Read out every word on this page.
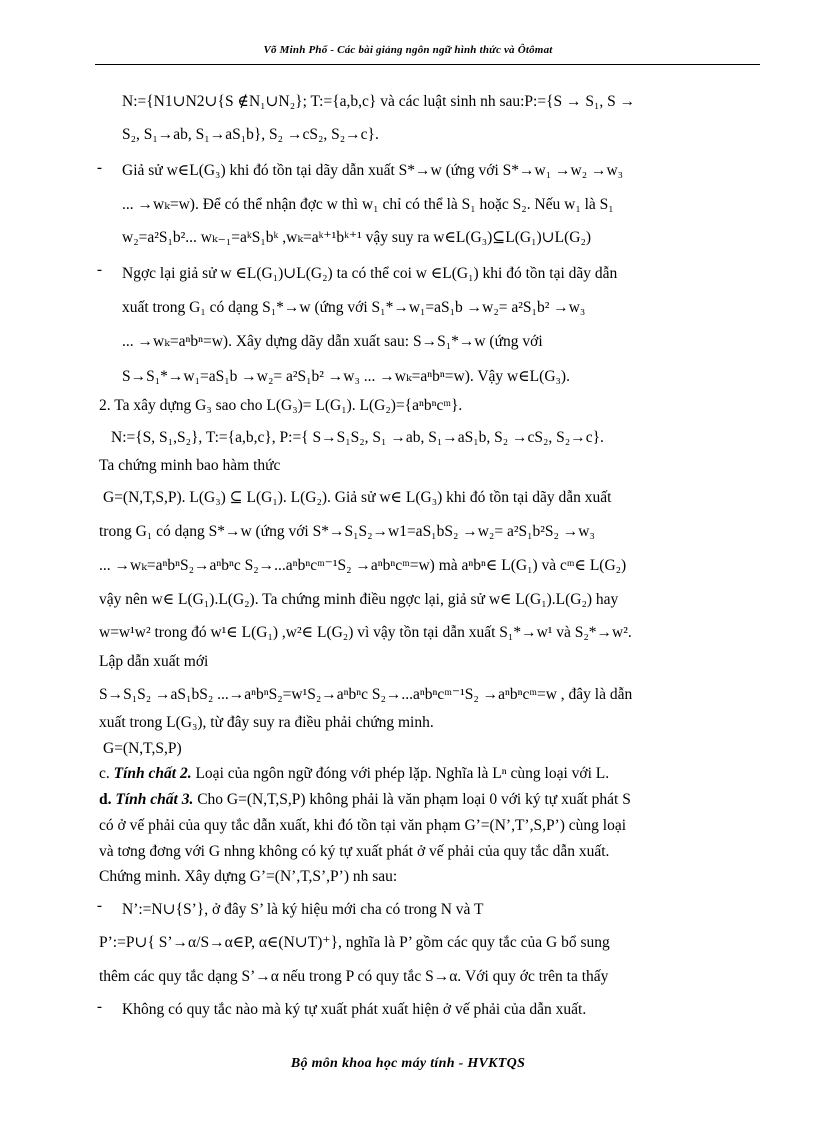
Võ Minh Phổ - Các bài giảng ngôn ngữ hình thức và Ôtômat
N:={N1∪N2∪{S ∉N₁∪N₂}; T:={a,b,c} và các luật sinh nh sau:P:={S → S₁, S →
S₂, S₁→ab, S₁→aS₁b}, S₂ →cS₂, S₂→c}.
- Giả sử w∈L(G₃) khi đó tồn tại dãy dẫn xuất S*→w (ứng với S*→w₁ →w₂ →w₃
... →wₖ=w). Để có thể nhận đợc w thì w₁ chỉ có thể là S₁ hoặc S₂. Nếu w₁ là S₁
w₂=a²S₁b²... wₖ₋₁=aᵏS₁bᵏ ,wₖ=aᵏ⁺¹bᵏ⁺¹ vậy suy ra w∈L(G₃)⊆L(G₁)∪L(G₂)
- Ngợc lại giả sử w ∈L(G₁)∪L(G₂) ta có thể coi w ∈L(G₁) khi đó tồn tại dãy dẫn
xuất trong G₁ có dạng S₁*→w (ứng với S₁*→w₁=aS₁b →w₂= a²S₁b² →w₃
... →wₖ=aⁿbⁿ=w). Xây dựng dãy dẫn xuất sau: S→S₁*→w (ứng với
S→S₁*→w₁=aS₁b →w₂= a²S₁b² →w₃ ... →wₖ=aⁿbⁿ=w). Vậy w∈L(G₃).
2. Ta xây dựng G₃ sao cho L(G₃)= L(G₁). L(G₂)={aⁿbⁿcᵐ}.
N:={S, S₁,S₂}, T:={a,b,c}, P:={ S→S₁S₂, S₁ →ab, S₁→aS₁b, S₂ →cS₂, S₂→c}.
Ta chứng minh bao hàm thức
G=(N,T,S,P). L(G₃) ⊆ L(G₁). L(G₂). Giả sử w∈ L(G₃) khi đó tồn tại dãy dẫn xuất
trong G₁ có dạng S*→w (ứng với S*→S₁S₂→w1=aS₁bS₂ →w₂= a²S₁b²S₂ →w₃
... →wₖ=aⁿbⁿS₂→aⁿbⁿc S₂→...aⁿbⁿcᵐ⁻¹S₂ →aⁿbⁿcᵐ=w) mà aⁿbⁿ∈ L(G₁) và cᵐ∈ L(G₂)
vậy nên w∈ L(G₁).L(G₂). Ta chứng minh điều ngợc lại, giả sử w∈ L(G₁).L(G₂) hay
w=w¹w² trong đó w¹∈ L(G₁) ,w²∈ L(G₂) vì vậy tồn tại dẫn xuất S₁*→w¹ và S₂*→w².
Lập dẫn xuất mới
S→S₁S₂ →aS₁bS₂ ...→aⁿbⁿS₂=w¹S₂→aⁿbⁿc S₂→...aⁿbⁿcᵐ⁻¹S₂ →aⁿbⁿcᵐ=w , đây là dẫn
xuất trong L(G₃), từ đây suy ra điều phải chứng minh.
G=(N,T,S,P)
c. Tính chất 2. Loại của ngôn ngữ đóng với phép lặp. Nghĩa là Lⁿ cùng loại với L.
d. Tính chất 3. Cho G=(N,T,S,P) không phải là văn phạm loại 0 với ký tự xuất phát S
có ở vế phải của quy tắc dẫn xuất, khi đó tồn tại văn phạm G’=(N’,T’,S,P’) cùng loại
và tơng đơng với G nhng không có ký tự xuất phát ở vế phải của quy tắc dẫn xuất.
Chứng minh. Xây dựng G’=(N’,T,S’,P’) nh sau:
- N’:=N∪{S’}, ở đây S’ là ký hiệu mới cha có trong N và T
P’:=P∪{ S’→α/S→α∈P, α∈(N∪T)⁺}, nghĩa là P’ gồm các quy tắc của G bổ sung
thêm các quy tắc dạng S’→α nếu trong P có quy tắc S→α. Với quy ớc trên ta thấy
- Không có quy tắc nào mà ký tự xuất phát xuất hiện ở vế phải của dẫn xuất.
Bộ môn khoa học máy tính - HVKTQS
